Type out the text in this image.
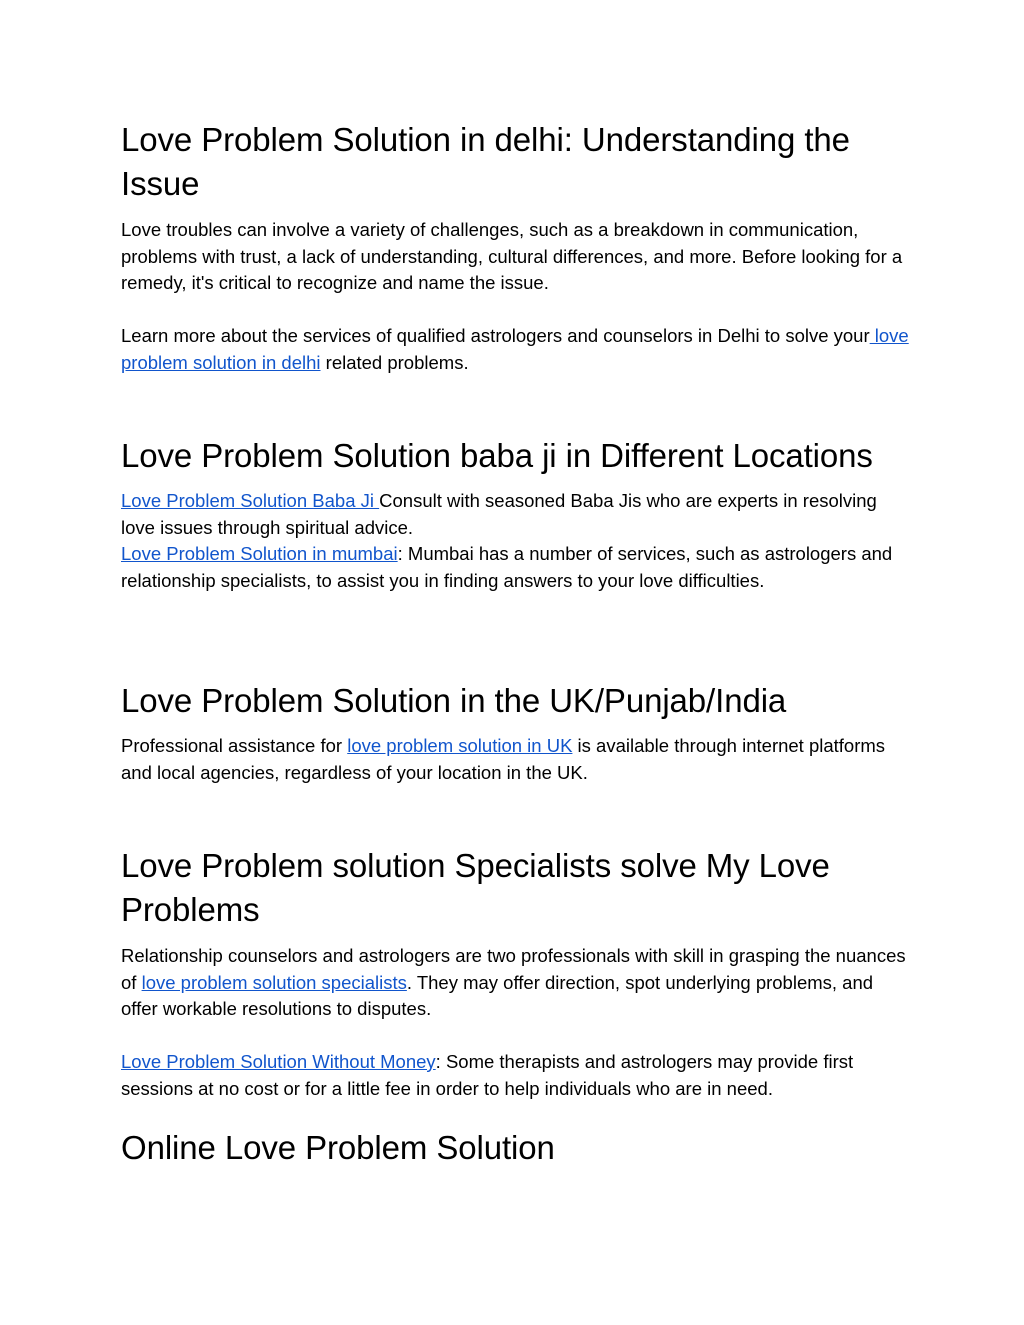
Love Problem Solution in delhi: Understanding the Issue

Love troubles can involve a variety of challenges, such as a breakdown in communication, problems with trust, a lack of understanding, cultural differences, and more. Before looking for a remedy, it's critical to recognize and name the issue.

Learn more about the services of qualified astrologers and counselors in Delhi to solve your love problem solution in delhi related problems.

Love Problem Solution baba ji in Different Locations

Love Problem Solution Baba Ji Consult with seasoned Baba Jis who are experts in resolving love issues through spiritual advice.

Love Problem Solution in mumbai: Mumbai has a number of services, such as astrologers and relationship specialists, to assist you in finding answers to your love difficulties.

Love Problem Solution in the UK/Punjab/India

Professional assistance for love problem solution in UK is available through internet platforms and local agencies, regardless of your location in the UK.

Love Problem solution Specialists solve My Love Problems

Relationship counselors and astrologers are two professionals with skill in grasping the nuances of love problem solution specialists. They may offer direction, spot underlying problems, and offer workable resolutions to disputes.

Love Problem Solution Without Money: Some therapists and astrologers may provide first sessions at no cost or for a little fee in order to help individuals who are in need.

Online Love Problem Solution
